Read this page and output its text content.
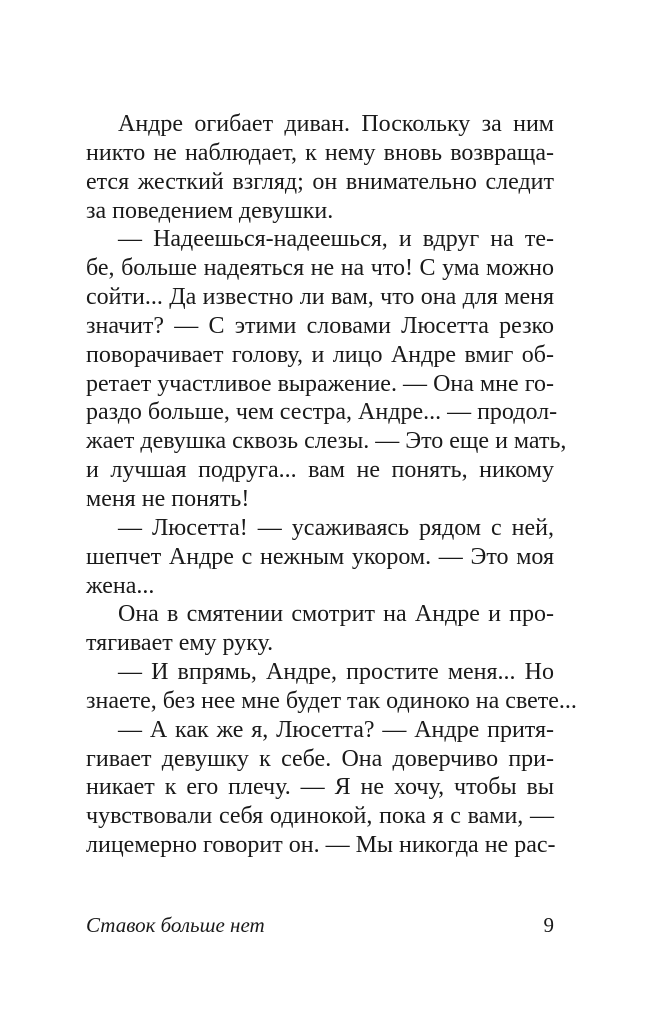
Андре огибает диван. Поскольку за ним
никто не наблюдает, к нему вновь возвраща-
ется жесткий взгляд; он внимательно следит
за поведением девушки.
— Надеешься-надеешься, и вдруг на те-
бе, больше надеяться не на что! С ума можно
сойти... Да известно ли вам, что она для меня
значит? — С этими словами Люсетта резко
поворачивает голову, и лицо Андре вмиг об-
ретает участливое выражение. — Она мне го-
раздо больше, чем сестра, Андре... — продол-
жает девушка сквозь слезы. — Это еще и мать,
и лучшая подруга... вам не понять, никому
меня не понять!
— Люсетта! — усаживаясь рядом с ней,
шепчет Андре с нежным укором. — Это моя
жена...
Она в смятении смотрит на Андре и про-
тягивает ему руку.
— И впрямь, Андре, простите меня... Но
знаете, без нее мне будет так одиноко на свете...
— А как же я, Люсетта? — Андре притя-
гивает девушку к себе. Она доверчиво при-
никает к его плечу. — Я не хочу, чтобы вы
чувствовали себя одинокой, пока я с вами, —
лицемерно говорит он. — Мы никогда не рас-
Ставок больше нет	9
